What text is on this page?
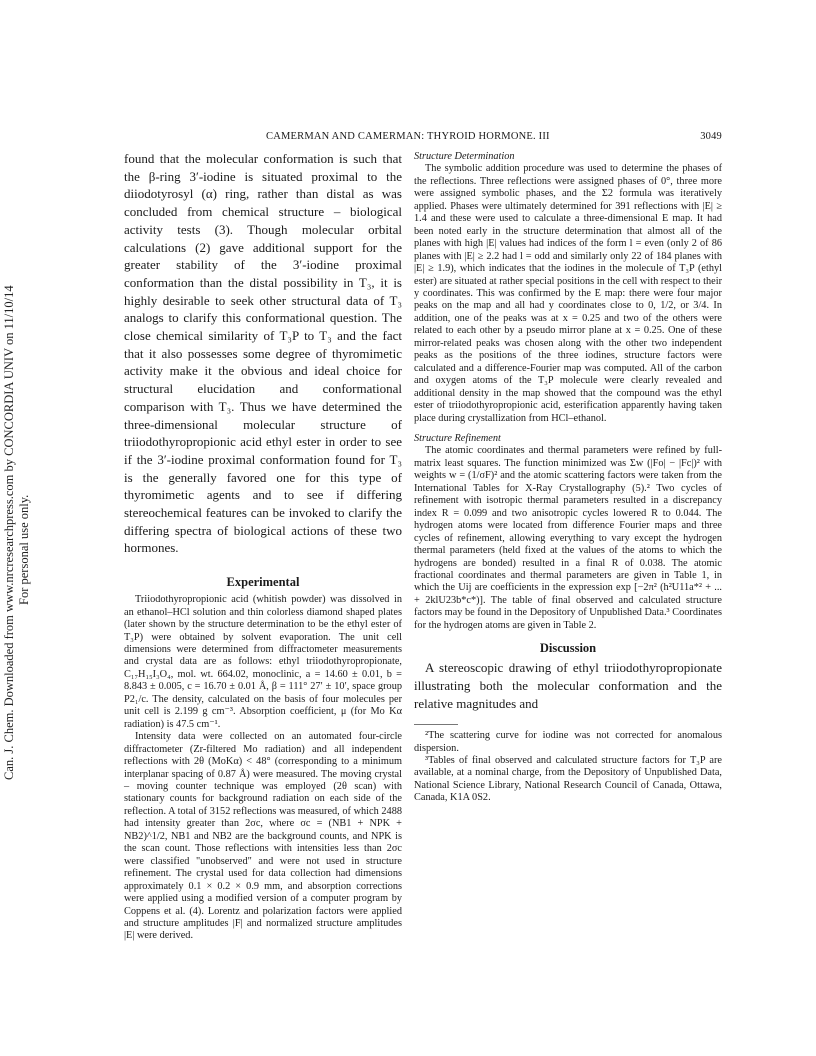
CAMERMAN AND CAMERMAN: THYROID HORMONE. III	3049
Can. J. Chem. Downloaded from www.nrcresearchpress.com by CONCORDIA UNIV on 11/10/14 For personal use only.

found that the molecular conformation is such that the β-ring 3′-iodine is situated proximal to the diiodotyrosyl (α) ring, rather than distal as was concluded from chemical structure – biological activity tests (3). Though molecular orbital calculations (2) gave additional support for the greater stability of the 3′-iodine proximal conformation than the distal possibility in T₃, it is highly desirable to seek other structural data of T₃ analogs to clarify this conformational question. The close chemical similarity of T₃P to T₃ and the fact that it also possesses some degree of thyromimetic activity make it the obvious and ideal choice for structural elucidation and conformational comparison with T₃. Thus we have determined the three-dimensional molecular structure of triiodothyropropionic acid ethyl ester in order to see if the 3′-iodine proximal conformation found for T₃ is the generally favored one for this type of thyromimetic agents and to see if differing stereochemical features can be invoked to clarify the differing spectra of biological actions of these two hormones.

Experimental

Triiodothyropropionic acid (whitish powder) was dissolved in an ethanol–HCl solution and thin colorless diamond shaped plates (later shown by the structure determination to be the ethyl ester of T₃P) were obtained by solvent evaporation. The unit cell dimensions were determined from diffractometer measurements and crystal data are as follows: ethyl triiodothyropropionate, C₁₇H₁₅I₃O₄, mol. wt. 664.02, monoclinic, a = 14.60 ± 0.01, b = 8.843 ± 0.005, c = 16.70 ± 0.01 Å, β = 111° 27′ ± 10′, space group P2₁/c. The density, calculated on the basis of four molecules per unit cell is 2.199 g cm⁻³. Absorption coefficient, μ (for Mo Kα radiation) is 47.5 cm⁻¹.

Intensity data were collected on an automated four-circle diffractometer (Zr-filtered Mo radiation) and all independent reflections with 2θ (MoKα) < 48° (corresponding to a minimum interplanar spacing of 0.87 Å) were measured. The moving crystal – moving counter technique was employed (2θ scan) with stationary counts for background radiation on each side of the reflection. A total of 3152 reflections was measured, of which 2488 had intensity greater than 2σc, where σc = (NB1 + NPK + NB2)^1/2, NB1 and NB2 are the background counts, and NPK is the scan count. Those reflections with intensities less than 2σc were classified "unobserved" and were not used in structure refinement. The crystal used for data collection had dimensions approximately 0.1 × 0.2 × 0.9 mm, and absorption corrections were applied using a modified version of a computer program by Coppens et al. (4). Lorentz and polarization factors were applied and structure amplitudes |F| and normalized structure amplitudes |E| were derived.

Structure Determination

The symbolic addition procedure was used to determine the phases of the reflections. Three reflections were assigned phases of 0°, three more were assigned symbolic phases, and the Σ2 formula was iteratively applied. Phases were ultimately determined for 391 reflections with |E| ≥ 1.4 and these were used to calculate a three-dimensional E map. It had been noted early in the structure determination that almost all of the planes with high |E| values had indices of the form l = even (only 2 of 86 planes with |E| ≥ 2.2 had l = odd and similarly only 22 of 184 planes with |E| ≥ 1.9), which indicates that the iodines in the molecule of T₃P (ethyl ester) are situated at rather special positions in the cell with respect to their y coordinates. This was confirmed by the E map: there were four major peaks on the map and all had y coordinates close to 0, 1/2, or 3/4. In addition, one of the peaks was at x = 0.25 and two of the others were related to each other by a pseudo mirror plane at x = 0.25. One of these mirror-related peaks was chosen along with the other two independent peaks as the positions of the three iodines, structure factors were calculated and a difference-Fourier map was computed. All of the carbon and oxygen atoms of the T₃P molecule were clearly revealed and additional density in the map showed that the compound was the ethyl ester of triiodothyropropionic acid, esterification apparently having taken place during crystallization from HCl–ethanol.

Structure Refinement

The atomic coordinates and thermal parameters were refined by full-matrix least squares. The function minimized was Σw (|Fo| − |Fc|)² with weights w = (1/σF)² and the atomic scattering factors were taken from the International Tables for X-Ray Crystallography (5).² Two cycles of refinement with isotropic thermal parameters resulted in a discrepancy index R = 0.099 and two anisotropic cycles lowered R to 0.044. The hydrogen atoms were located from difference Fourier maps and three cycles of refinement, allowing everything to vary except the hydrogen thermal parameters (held fixed at the values of the atoms to which the hydrogens are bonded) resulted in a final R of 0.038. The atomic fractional coordinates and thermal parameters are given in Table 1, in which the Uij are coefficients in the expression exp [−2π² (h²U11a*² + ... + 2klU23b*c*)]. The table of final observed and calculated structure factors may be found in the Depository of Unpublished Data.³ Coordinates for the hydrogen atoms are given in Table 2.

Discussion

A stereoscopic drawing of ethyl triiodothyropropionate illustrating both the molecular conformation and the relative magnitudes and

²The scattering curve for iodine was not corrected for anomalous dispersion.

³Tables of final observed and calculated structure factors for T₃P are available, at a nominal charge, from the Depository of Unpublished Data, National Science Library, National Research Council of Canada, Ottawa, Canada, K1A 0S2.
